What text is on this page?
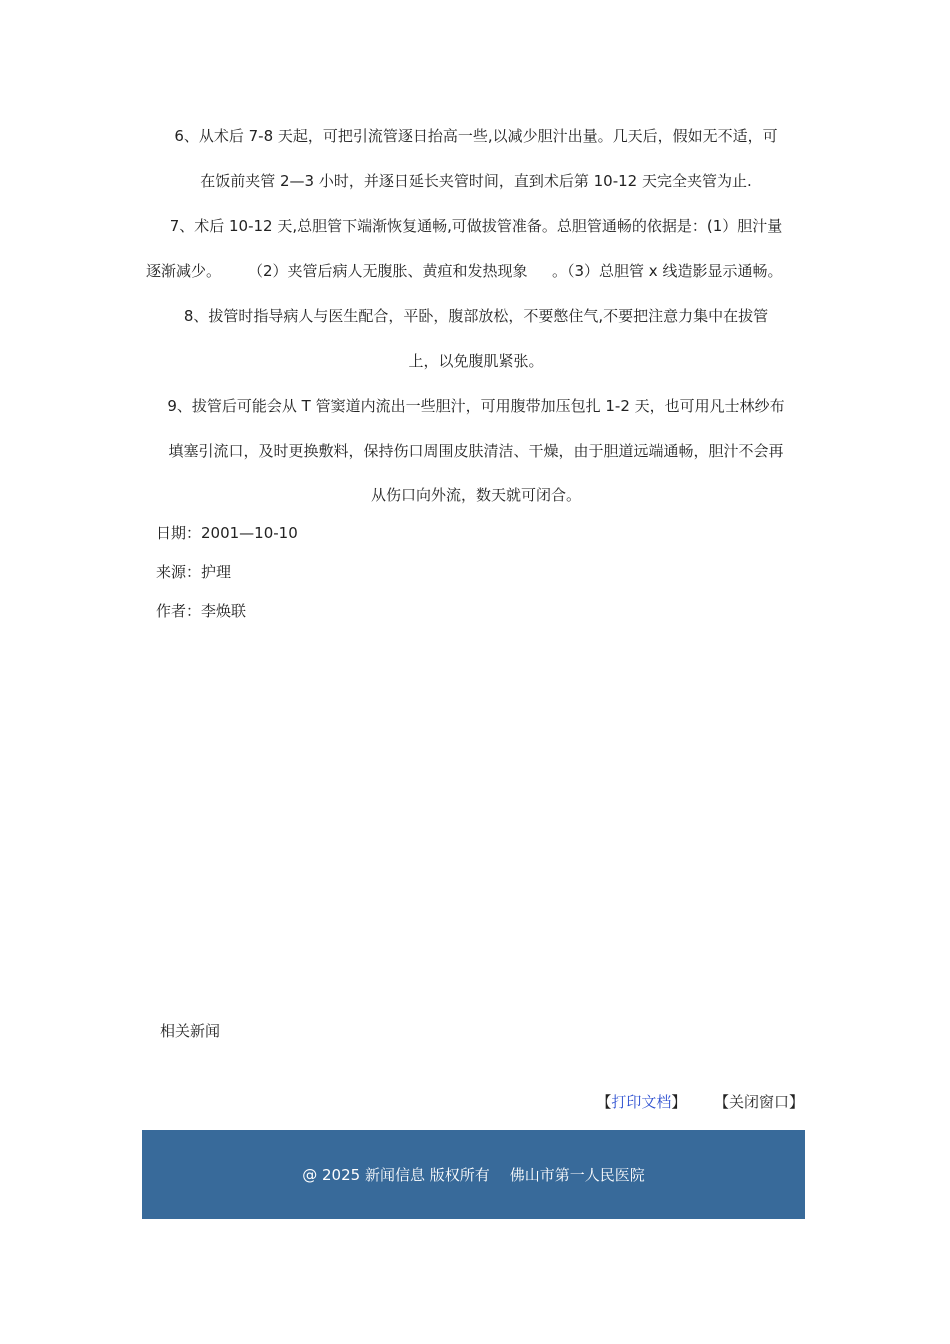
6、从术后 7-8 天起，可把引流管逐日抬高一些,以减少胆汁出量。几天后，假如无不适，可
在饭前夹管 2—3 小时，并逐日延长夹管时间，直到术后第 10-12 天完全夹管为止.
7、术后 10-12 天,总胆管下端渐恢复通畅,可做拔管准备。总胆管通畅的依据是：(1）胆汁量
逐渐减少。 （2）夹管后病人无腹胀、黄疸和发热现象 。（3）总胆管 x 线造影显示通畅。
8、拔管时指导病人与医生配合，平卧，腹部放松，不要憋住气,不要把注意力集中在拔管
上，以免腹肌紧张。
9、拔管后可能会从 T 管窦道内流出一些胆汁，可用腹带加压包扎 1-2 天，也可用凡士林纱布
填塞引流口，及时更换敷料，保持伤口周围皮肤清洁、干燥，由于胆道远端通畅，胆汁不会再
从伤口向外流，数天就可闭合。
日期：2001—10-10
来源：护理
作者：李焕联
相关新闻
【打印文档】 【关闭窗口】
@ 2025 新闻信息 版权所有 佛山市第一人民医院
